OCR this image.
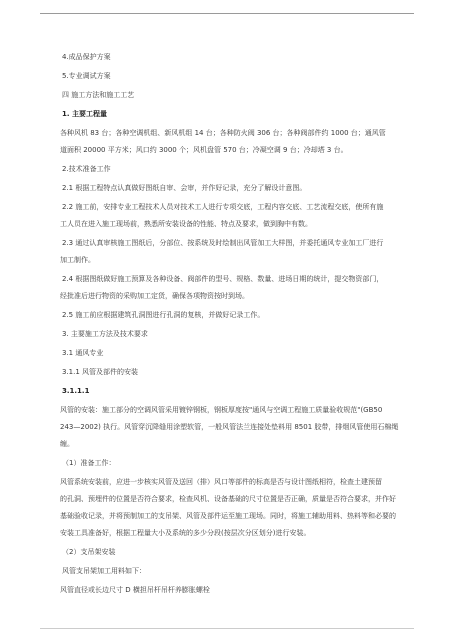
4.成品保护方案

5.专业调试方案

四 施工方法和施工工艺

1. 主要工程量

各种风机 83 台；各种空调机组、新风机组 14 台；各种防火阀 306 台；各种阀部件约 1000 台；通风管

道面积 20000 平方米；风口约 3000 个；风机盘管 570 台；冷凝空调 9 台；冷却塔 3 台。

2.技术准备工作

2.1 根据工程特点认真做好图纸自审、会审，并作好记录，充分了解设计意图。

2.2 施工前，安排专业工程技术人员对技术工人进行专项交底，工程内容交底、工艺流程交底，使所有施

工人员在进入施工现场前，熟悉所安装设备的性能、特点及要求，做到胸中有数。

2.3 通过认真审核施工图纸后，分部位、按系统及时绘制出风管加工大样图，并委托通风专业加工厂进行

加工制作。

2.4 根据图纸做好施工预算及各种设备、阀部件的型号、规格、数量、进场日期的统计，提交物资部门，

经批准后进行物资的采购加工定货，确保各项物资按时到场。

2.5 施工前应根据建筑孔洞图进行孔洞的复核，并做好记录工作。

3. 主要施工方法及技术要求

3.1 通风专业

3.1.1 风管及部件的安装

3.1.1.1

风管的安装：施工部分的空调风管采用镀锌钢板，钢板厚度按"通风与空调工程施工质量验收规范"(GB50

243—2002) 执行。风管穿沉降缝用涂塑软管，一般风管法兰连接处垫料用 8501 胶带，排烟风管使用石棉绳

缠。

（1）准备工作：

风管系统安装前，应进一步核实风管及送回（排）风口等部件的标高是否与设计图纸相符，检查土建预留

的孔洞、预埋件的位置是否符合要求，检查风机、设备基础的尺寸位置是否正确，质量是否符合要求，并作好

基础验收记录，并将预制加工的支吊架、风管及部件运至施工现场。同时，将施工辅助用料、热料等和必要的

安装工具准备好，根据工程量大小及系统的多少分段(按层次分区划分)进行安装。

（2）支吊架安装

风管支吊架加工用料如下：

风管直径或长边尺寸 D 横担吊杆吊杆养膨胀螺栓
